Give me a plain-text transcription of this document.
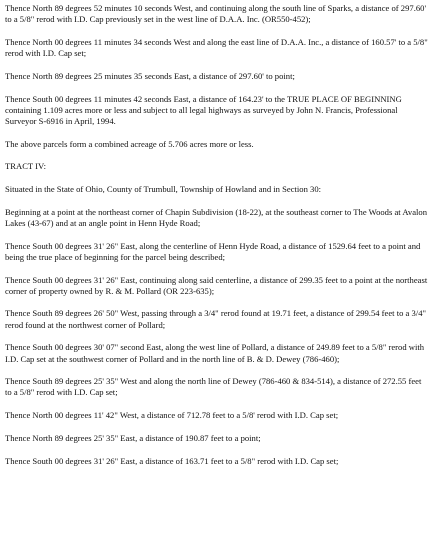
Thence North 89 degrees 52 minutes 10 seconds West, and continuing along the south line of Sparks, a distance of 297.60' to a 5/8" rerod with I.D. Cap previously set in the west line of D.A.A. Inc. (OR550-452);

Thence North 00 degrees 11 minutes 34 seconds West and along the east line of D.A.A. Inc., a distance of 160.57' to a 5/8" rerod with I.D. Cap set;

Thence North 89 degrees 25 minutes 35 seconds East, a distance of 297.60' to point;

Thence South 00 degrees 11 minutes 42 seconds East, a distance of 164.23' to the TRUE PLACE OF BEGINNING containing 1.109 acres more or less and subject to all legal highways as surveyed by John N. Francis, Professional Surveyor S-6916 in April, 1994.

The above parcels form a combined acreage of 5.706 acres more or less.

TRACT IV:

Situated in the State of Ohio, County of Trumbull, Township of Howland and in Section 30:

Beginning at a point at the northeast corner of Chapin Subdivision (18-22), at the southeast corner to The Woods at Avalon Lakes (43-67) and at an angle point in Henn Hyde Road;

Thence South 00 degrees 31' 26" East, along the centerline of Henn Hyde Road, a distance of 1529.64 feet to a point and being the true place of beginning for the parcel being described;

Thence South 00 degrees 31' 26" East, continuing along said centerline, a distance of 299.35 feet to a point at the northeast corner of property owned by R. & M. Pollard (OR 223-635);

Thence South 89 degrees 26' 50" West, passing through a 3/4" rerod found at 19.71 feet, a distance of 299.54 feet to a 3/4" rerod found at the northwest corner of Pollard;

Thence South 00 degrees 30' 07" second East, along the west line of Pollard, a distance of 249.89 feet to a 5/8" rerod with I.D. Cap set at the southwest corner of Pollard and in the north line of B. & D. Dewey (786-460);

Thence South 89 degrees 25' 35" West and along the north line of Dewey (786-460 & 834-514), a distance of 272.55 feet to a 5/8" rerod with I.D. Cap set;

Thence North 00 degrees 11' 42" West, a distance of 712.78 feet to a 5/8' rerod with I.D. Cap set;

Thence North 89 degrees 25' 35" East, a distance of 190.87 feet to a point;

Thence South 00 degrees 31' 26" East, a distance of 163.71 feet to a 5/8" rerod with I.D. Cap set;
